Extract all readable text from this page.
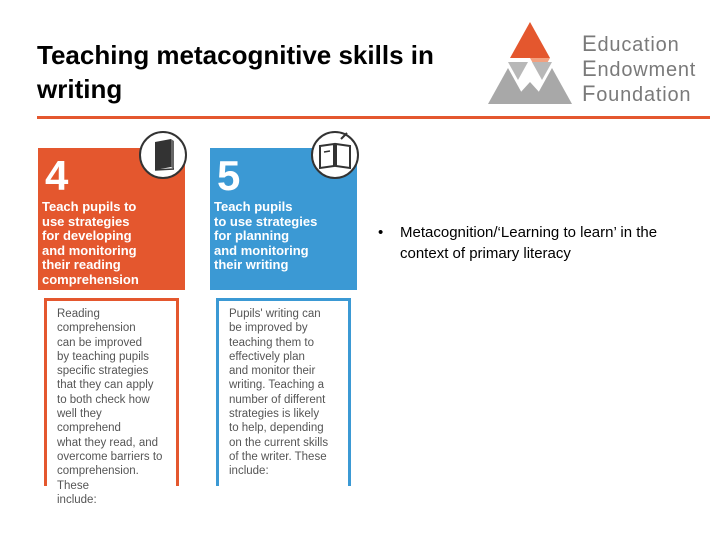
Teaching metacognitive skills in writing
Education
Endowment
Foundation
4
Teach pupils to
use strategies
for developing
and monitoring
their reading
comprehension
Reading
comprehension
can be improved
by teaching pupils
specific strategies
that they can apply
to both check how
well they comprehend
what they read, and
overcome barriers to
comprehension. These
include:
5
Teach pupils
to use strategies
for planning
and monitoring
their writing
Pupils' writing can
be improved by
teaching them to
effectively plan
and monitor their
writing. Teaching a
number of different
strategies is likely
to help, depending
on the current skills
of the writer. These
include:
• Metacognition/‘Learning to learn’ in the context of primary literacy
